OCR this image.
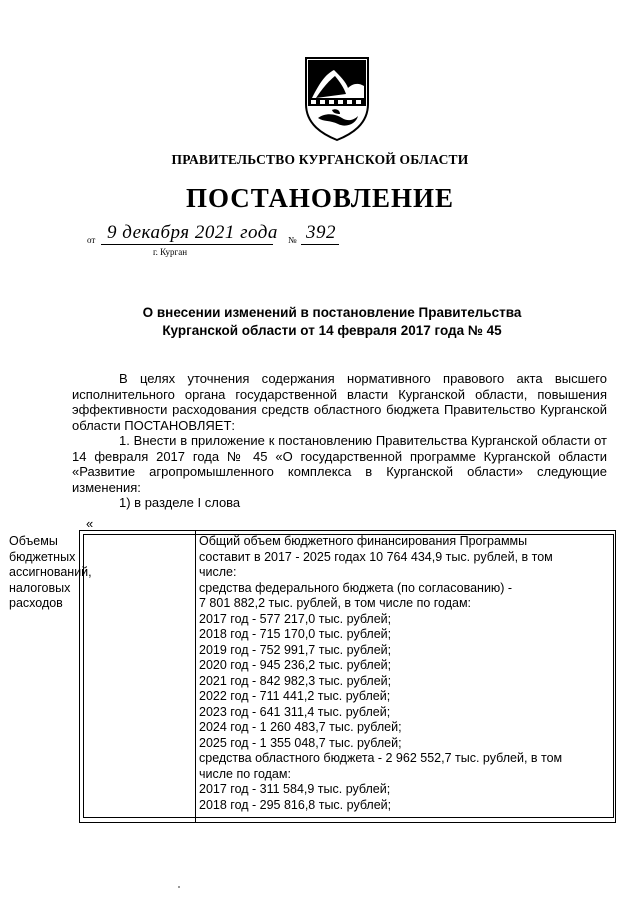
ПРАВИТЕЛЬСТВО КУРГАНСКОЙ ОБЛАСТИ
ПОСТАНОВЛЕНИЕ
от 9 декабря 2021 года № 392
г. Курган
О внесении изменений в постановление Правительства
Курганской области от 14 февраля 2017 года № 45

В целях уточнения содержания нормативного правового акта высшего исполнительного органа государственной власти Курганской области, повышения эффективности расходования средств областного бюджета Правительство Курганской области ПОСТАНОВЛЯЕТ:

1. Внести в приложение к постановлению Правительства Курганской области от 14 февраля 2017 года № 45 «О государственной программе Курганской области «Развитие агропромышленного комплекса в Курганской области» следующие изменения:

1) в разделе I слова

«
Объемы
бюджетных
ассигнований,
налоговых
расходов
Общий объем бюджетного финансирования Программы
составит в 2017 - 2025 годах 10 764 434,9 тыс. рублей, в том
числе:
средства федерального бюджета (по согласованию) -
7 801 882,2 тыс. рублей, в том числе по годам:
2017 год - 577 217,0 тыс. рублей;
2018 год - 715 170,0 тыс. рублей;
2019 год - 752 991,7 тыс. рублей;
2020 год - 945 236,2 тыс. рублей;
2021 год - 842 982,3 тыс. рублей;
2022 год - 711 441,2 тыс. рублей;
2023 год - 641 311,4 тыс. рублей;
2024 год - 1 260 483,7 тыс. рублей;
2025 год - 1 355 048,7 тыс. рублей;
средства областного бюджета - 2 962 552,7 тыс. рублей, в том
числе по годам:
2017 год - 311 584,9 тыс. рублей;
2018 год - 295 816,8 тыс. рублей;
